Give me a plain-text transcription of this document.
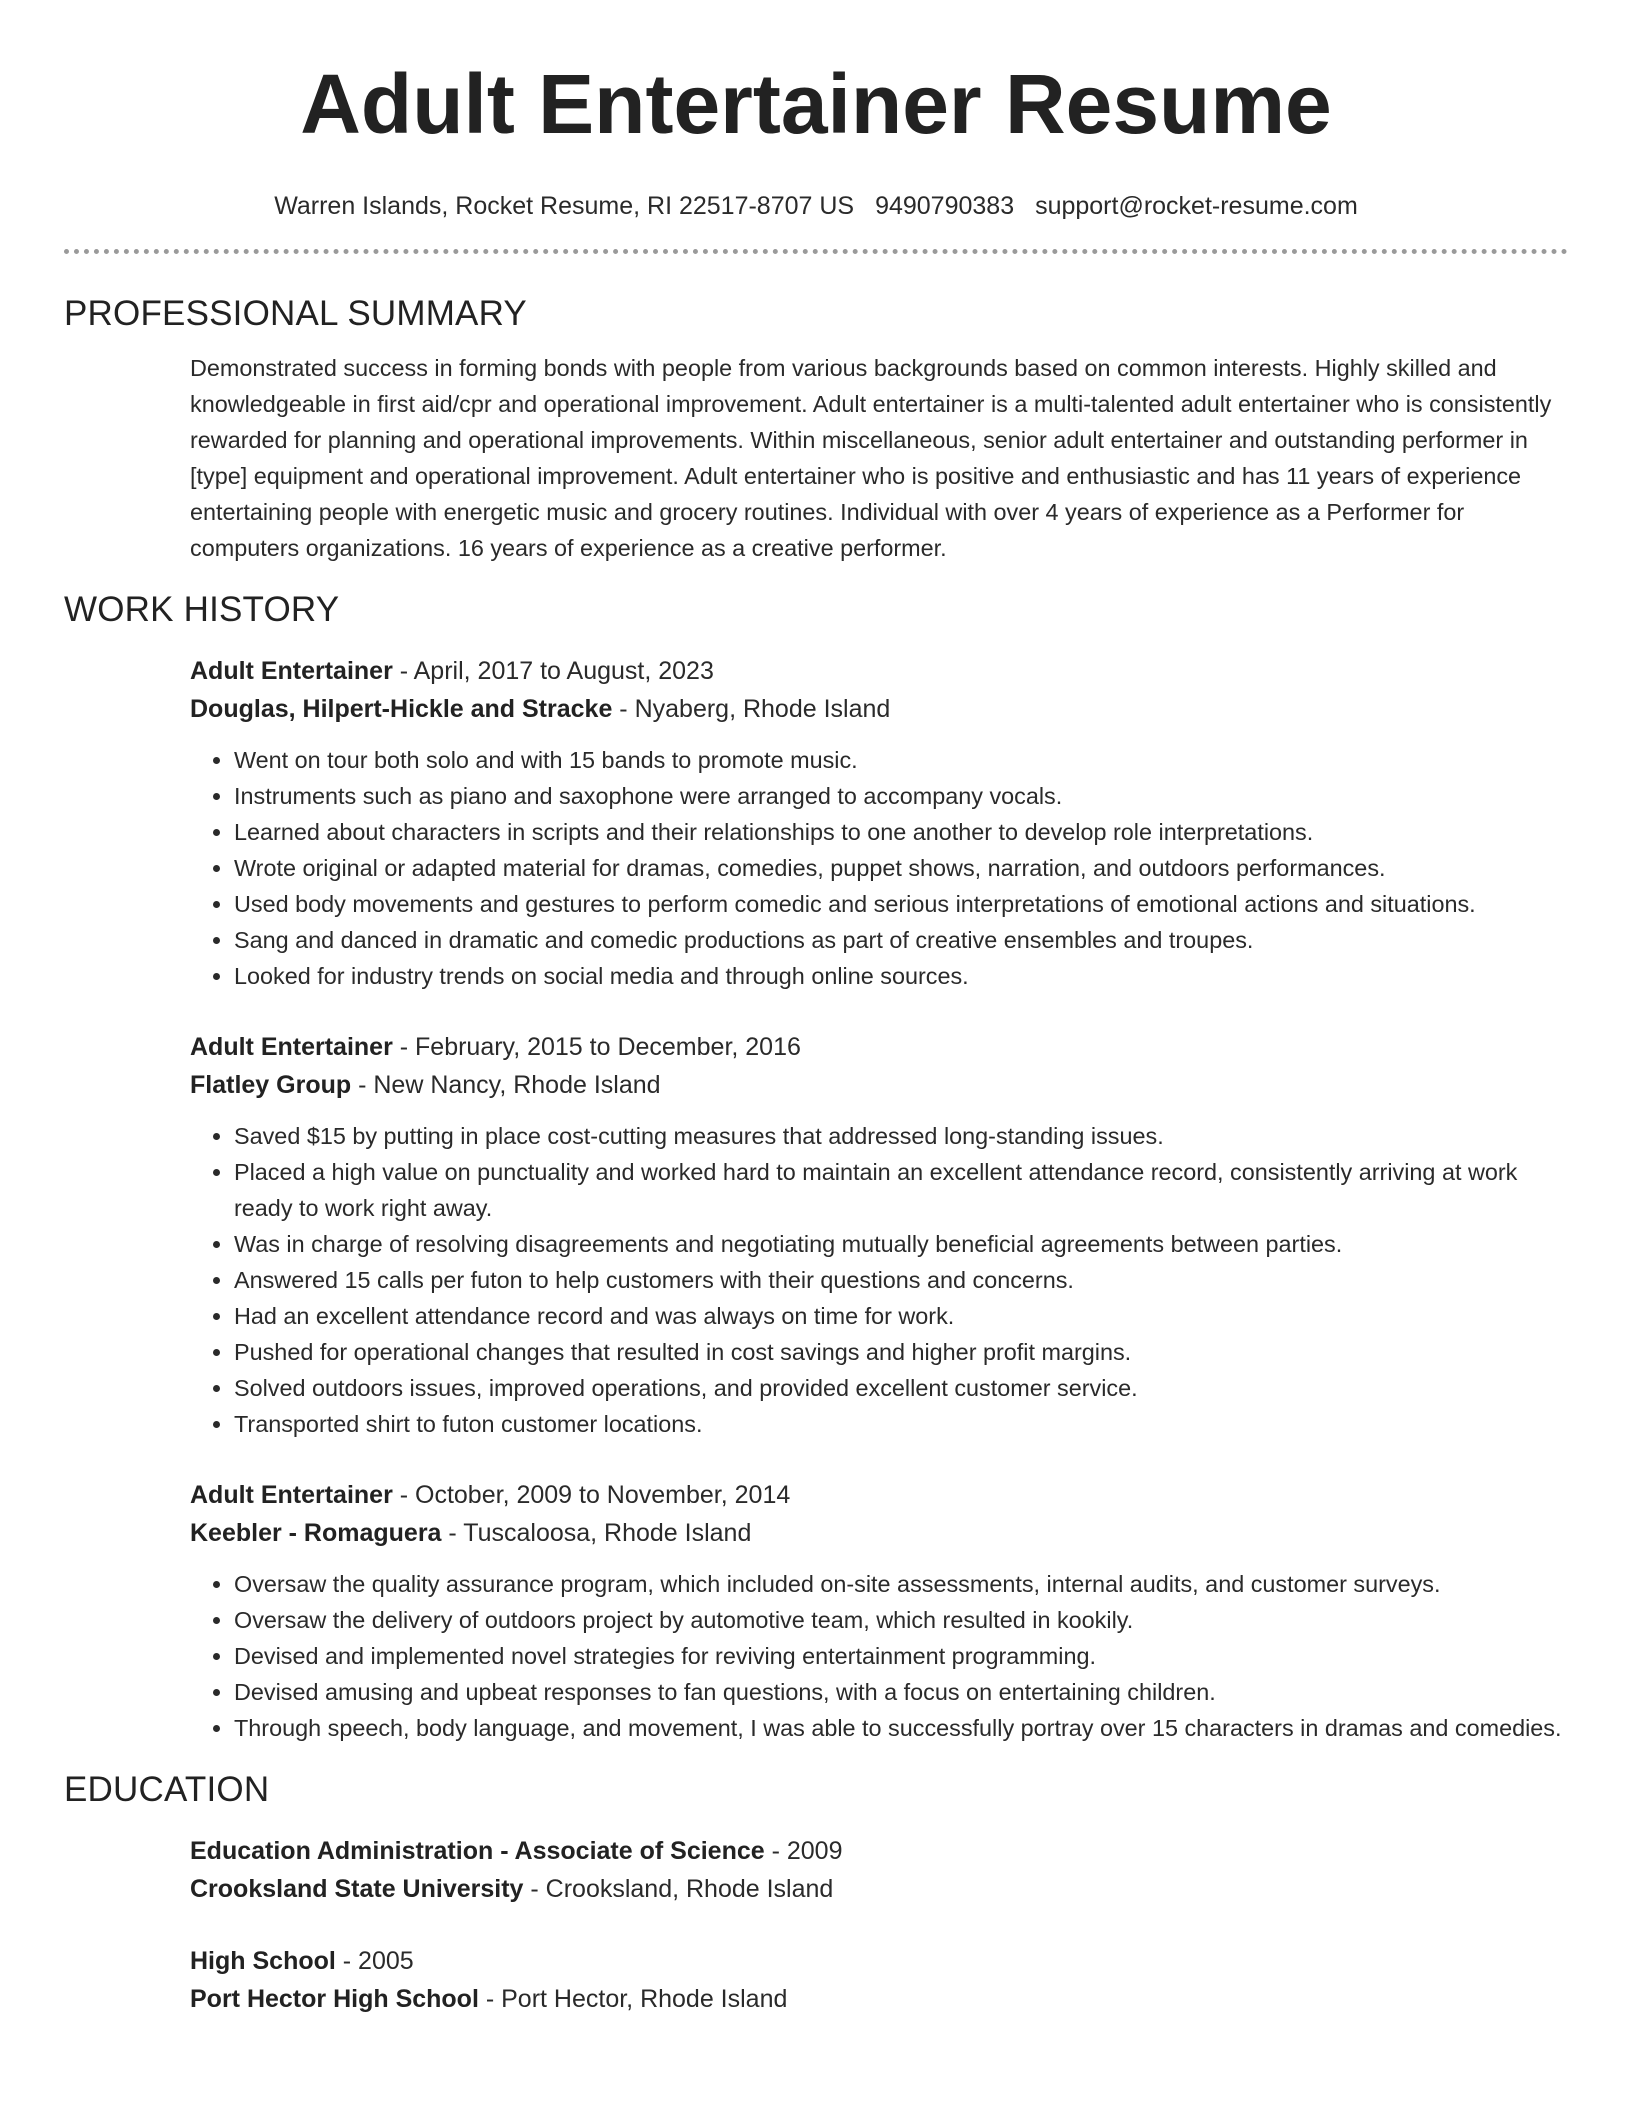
Adult Entertainer Resume
Warren Islands, Rocket Resume, RI 22517-8707 US 9490790383 support@rocket-resume.com
PROFESSIONAL SUMMARY

Demonstrated success in forming bonds with people from various backgrounds based on common interests. Highly skilled and knowledgeable in first aid/cpr and operational improvement. Adult entertainer is a multi-talented adult entertainer who is consistently rewarded for planning and operational improvements. Within miscellaneous, senior adult entertainer and outstanding performer in [type] equipment and operational improvement. Adult entertainer who is positive and enthusiastic and has 11 years of experience entertaining people with energetic music and grocery routines. Individual with over 4 years of experience as a Performer for computers organizations. 16 years of experience as a creative performer.

WORK HISTORY
Adult Entertainer - April, 2017 to August, 2023
Douglas, Hilpert-Hickle and Stracke - Nyaberg, Rhode Island
• Went on tour both solo and with 15 bands to promote music.
• Instruments such as piano and saxophone were arranged to accompany vocals.
• Learned about characters in scripts and their relationships to one another to develop role interpretations.
• Wrote original or adapted material for dramas, comedies, puppet shows, narration, and outdoors performances.
• Used body movements and gestures to perform comedic and serious interpretations of emotional actions and situations.
• Sang and danced in dramatic and comedic productions as part of creative ensembles and troupes.
• Looked for industry trends on social media and through online sources.
Adult Entertainer - February, 2015 to December, 2016
Flatley Group - New Nancy, Rhode Island
• Saved $15 by putting in place cost-cutting measures that addressed long-standing issues.
• Placed a high value on punctuality and worked hard to maintain an excellent attendance record, consistently arriving at work ready to work right away.
• Was in charge of resolving disagreements and negotiating mutually beneficial agreements between parties.
• Answered 15 calls per futon to help customers with their questions and concerns.
• Had an excellent attendance record and was always on time for work.
• Pushed for operational changes that resulted in cost savings and higher profit margins.
• Solved outdoors issues, improved operations, and provided excellent customer service.
• Transported shirt to futon customer locations.
Adult Entertainer - October, 2009 to November, 2014
Keebler - Romaguera - Tuscaloosa, Rhode Island
• Oversaw the quality assurance program, which included on-site assessments, internal audits, and customer surveys.
• Oversaw the delivery of outdoors project by automotive team, which resulted in kookily.
• Devised and implemented novel strategies for reviving entertainment programming.
• Devised amusing and upbeat responses to fan questions, with a focus on entertaining children.
• Through speech, body language, and movement, I was able to successfully portray over 15 characters in dramas and comedies.
EDUCATION
Education Administration - Associate of Science - 2009
Crooksland State University - Crooksland, Rhode Island
High School - 2005
Port Hector High School - Port Hector, Rhode Island
